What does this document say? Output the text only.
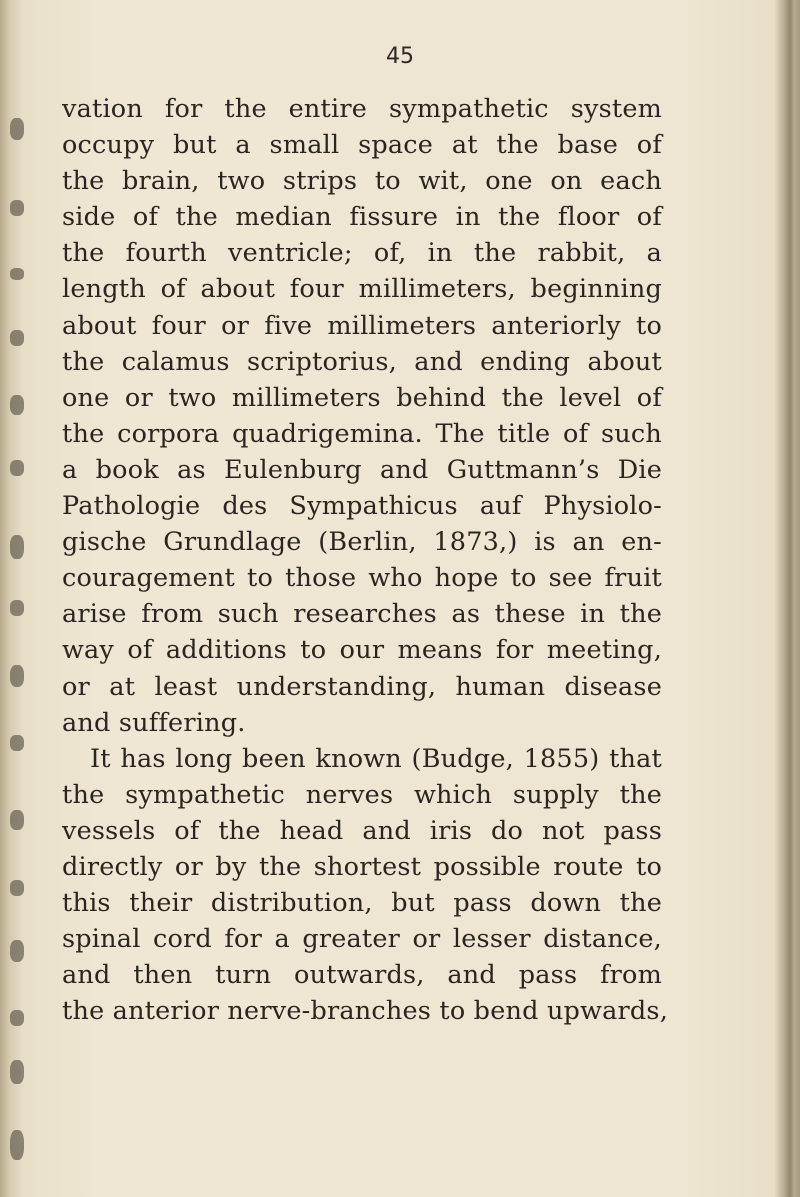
45
vation for the entire sympathetic system
occupy but a small space at the base of
the brain, two strips to wit, one on each
side of the median fissure in the floor of
the fourth ventricle; of, in the rabbit, a
length of about four millimeters, beginning
about four or five millimeters anteriorly to
the calamus scriptorius, and ending about
one or two millimeters behind the level of
the corpora quadrigemina. The title of such
a book as Eulenburg and Guttmann’s Die
Pathologie des Sympathicus auf Physiolo-
gische Grundlage (Berlin, 1873,) is an en-
couragement to those who hope to see fruit
arise from such researches as these in the
way of additions to our means for meeting,
or at least understanding, human disease
and suffering.
It has long been known (Budge, 1855) that
the sympathetic nerves which supply the
vessels of the head and iris do not pass
directly or by the shortest possible route to
this their distribution, but pass down the
spinal cord for a greater or lesser distance,
and then turn outwards, and pass from
the anterior nerve-branches to bend upwards,
